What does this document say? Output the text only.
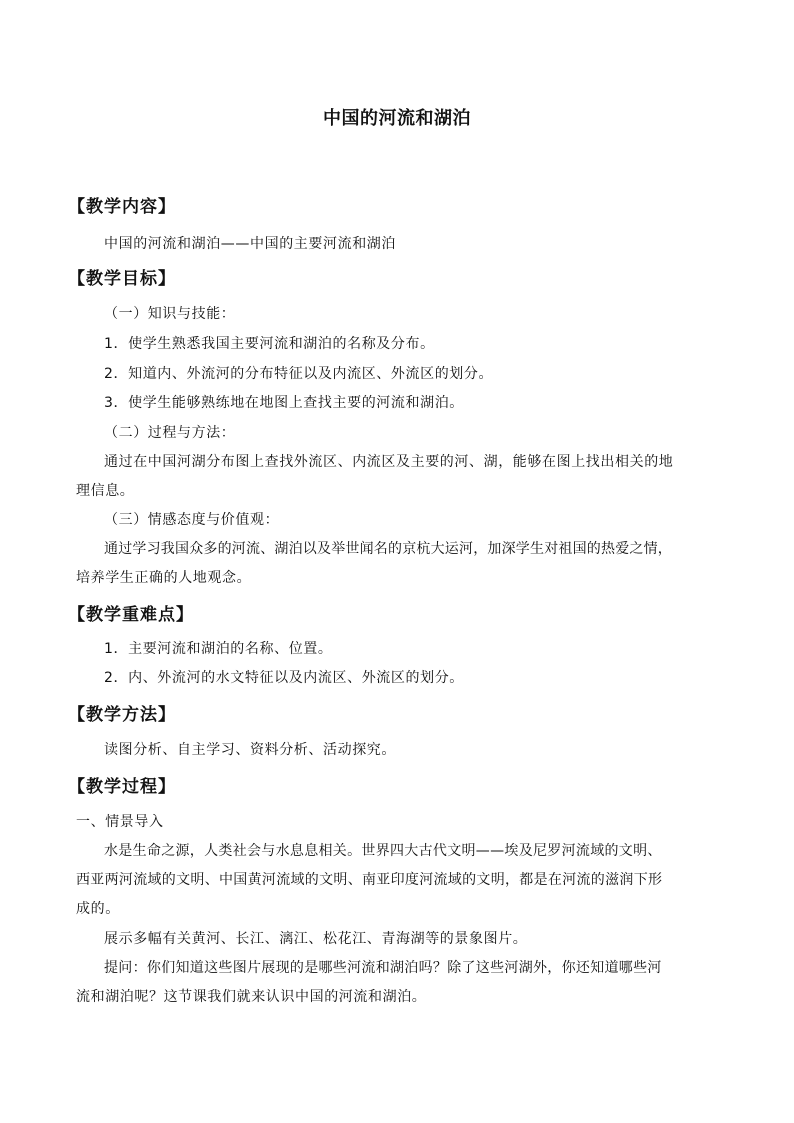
中国的河流和湖泊
【教学内容】
中国的河流和湖泊——中国的主要河流和湖泊
【教学目标】
（一）知识与技能：
1．使学生熟悉我国主要河流和湖泊的名称及分布。
2．知道内、外流河的分布特征以及内流区、外流区的划分。
3．使学生能够熟练地在地图上查找主要的河流和湖泊。
（二）过程与方法：
通过在中国河湖分布图上查找外流区、内流区及主要的河、湖，能够在图上找出相关的地
理信息。
（三）情感态度与价值观：
通过学习我国众多的河流、湖泊以及举世闻名的京杭大运河，加深学生对祖国的热爱之情，
培养学生正确的人地观念。
【教学重难点】
1．主要河流和湖泊的名称、位置。
2．内、外流河的水文特征以及内流区、外流区的划分。
【教学方法】
读图分析、自主学习、资料分析、活动探究。
【教学过程】
一、情景导入
水是生命之源，人类社会与水息息相关。世界四大古代文明——埃及尼罗河流域的文明、
西亚两河流域的文明、中国黄河流域的文明、南亚印度河流域的文明，都是在河流的滋润下形
成的。
展示多幅有关黄河、长江、漓江、松花江、青海湖等的景象图片。
提问：你们知道这些图片展现的是哪些河流和湖泊吗？除了这些河湖外，你还知道哪些河
流和湖泊呢？这节课我们就来认识中国的河流和湖泊。
